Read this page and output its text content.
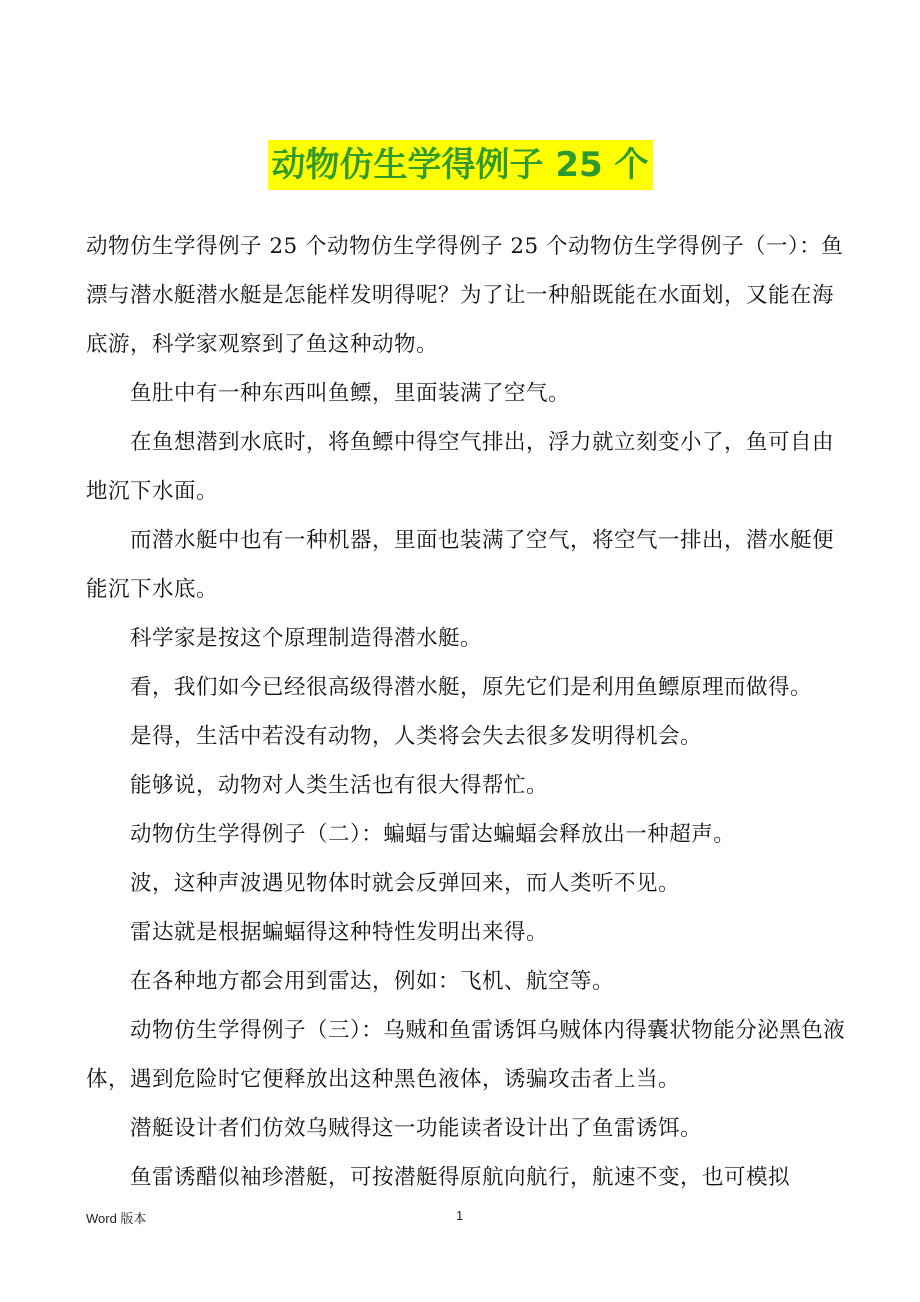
动物仿生学得例子 25 个

动物仿生学得例子 25 个动物仿生学得例子 25 个动物仿生学得例子（一）：鱼漂与潜水艇潜水艇是怎能样发明得呢？为了让一种船既能在水面划，又能在海底游，科学家观察到了鱼这种动物。

鱼肚中有一种东西叫鱼鳔，里面装满了空气。

在鱼想潜到水底时，将鱼鳔中得空气排出，浮力就立刻变小了，鱼可自由地沉下水面。

而潜水艇中也有一种机器，里面也装满了空气，将空气一排出，潜水艇便能沉下水底。

科学家是按这个原理制造得潜水艇。

看，我们如今已经很高级得潜水艇，原先它们是利用鱼鳔原理而做得。

是得，生活中若没有动物，人类将会失去很多发明得机会。

能够说，动物对人类生活也有很大得帮忙。

动物仿生学得例子（二）：蝙蝠与雷达蝙蝠会释放出一种超声。

波，这种声波遇见物体时就会反弹回来，而人类听不见。

雷达就是根据蝙蝠得这种特性发明出来得。

在各种地方都会用到雷达，例如：飞机、航空等。

动物仿生学得例子（三）：乌贼和鱼雷诱饵乌贼体内得囊状物能分泌黑色液体，遇到危险时它便释放出这种黑色液体，诱骗攻击者上当。

潜艇设计者们仿效乌贼得这一功能读者设计出了鱼雷诱饵。

鱼雷诱醋似袖珍潜艇，可按潜艇得原航向航行，航速不变，也可模拟

Word 版本	1
